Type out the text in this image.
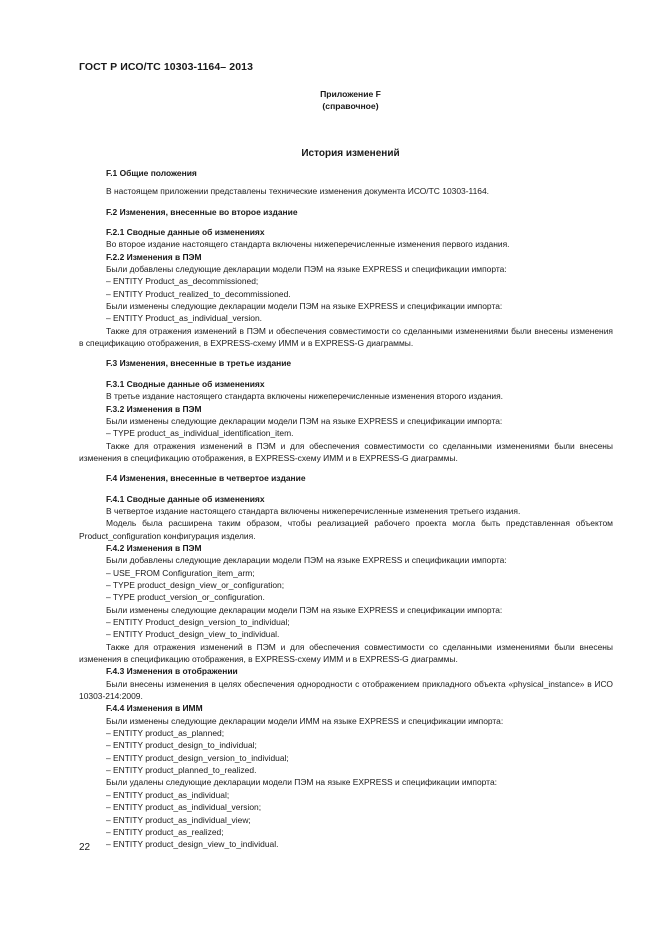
ГОСТ Р ИСО/ТС 10303-1164– 2013
Приложение F
(справочное)
История изменений

F.1 Общие положения

В настоящем приложении представлены технические изменения документа ИСО/ТС 10303-1164.

F.2 Изменения, внесенные во второе издание

F.2.1 Сводные данные об изменениях

Во второе издание настоящего стандарта включены нижеперечисленные изменения первого издания.

F.2.2 Изменения в ПЭМ

Были добавлены следующие декларации модели ПЭМ на языке EXPRESS и спецификации импорта:

– ENTITY Product_as_decommissioned;

– ENTITY Product_realized_to_decommissioned.

Были изменены следующие декларации модели ПЭМ на языке EXPRESS и спецификации импорта:

– ENTITY Product_as_individual_version.

Также для отражения изменений в ПЭМ и обеспечения совместимости со сделанными изменениями были внесены изменения в спецификацию отображения, в EXPRESS-схему ИММ и в EXPRESS-G диаграммы.

F.3 Изменения, внесенные в третье издание

F.3.1 Сводные данные об изменениях

В третье издание настоящего стандарта включены нижеперечисленные изменения второго издания.

F.3.2 Изменения в ПЭМ

Были изменены следующие декларации модели ПЭМ на языке EXPRESS и спецификации импорта:

– TYPE product_as_individual_identification_item.

Также для отражения изменений в ПЭМ и для обеспечения совместимости со сделанными изменениями были внесены изменения в спецификацию отображения, в EXPRESS-схему ИММ и в EXPRESS-G диаграммы.

F.4 Изменения, внесенные в четвертое издание

F.4.1 Сводные данные об изменениях

В четвертое издание настоящего стандарта включены нижеперечисленные изменения третьего издания.

Модель была расширена таким образом, чтобы реализацией рабочего проекта могла быть представленная объектом Product_configuration конфигурация изделия.

F.4.2 Изменения в ПЭМ

Были добавлены следующие декларации модели ПЭМ на языке EXPRESS и спецификации импорта:

– USE_FROM Configuration_item_arm;

– TYPE product_design_view_or_configuration;

– TYPE product_version_or_configuration.

Были изменены следующие декларации модели ПЭМ на языке EXPRESS и спецификации импорта:

– ENTITY Product_design_version_to_individual;

– ENTITY Product_design_view_to_individual.

Также для отражения изменений в ПЭМ и для обеспечения совместимости со сделанными изменениями были внесены изменения в спецификацию отображения, в EXPRESS-схему ИММ и в EXPRESS-G диаграммы.

F.4.3 Изменения в отображении

Были внесены изменения в целях обеспечения однородности с отображением прикладного объекта «physical_instance» в ИСО 10303-214:2009.

F.4.4 Изменения в ИММ

Были изменены следующие декларации модели ИММ на языке EXPRESS и спецификации импорта:

– ENTITY product_as_planned;

– ENTITY product_design_to_individual;

– ENTITY product_design_version_to_individual;

– ENTITY product_planned_to_realized.

Были удалены следующие декларации модели ПЭМ на языке EXPRESS и спецификации импорта:

– ENTITY product_as_individual;

– ENTITY product_as_individual_version;

– ENTITY product_as_individual_view;

– ENTITY product_as_realized;

– ENTITY product_design_view_to_individual.

22
